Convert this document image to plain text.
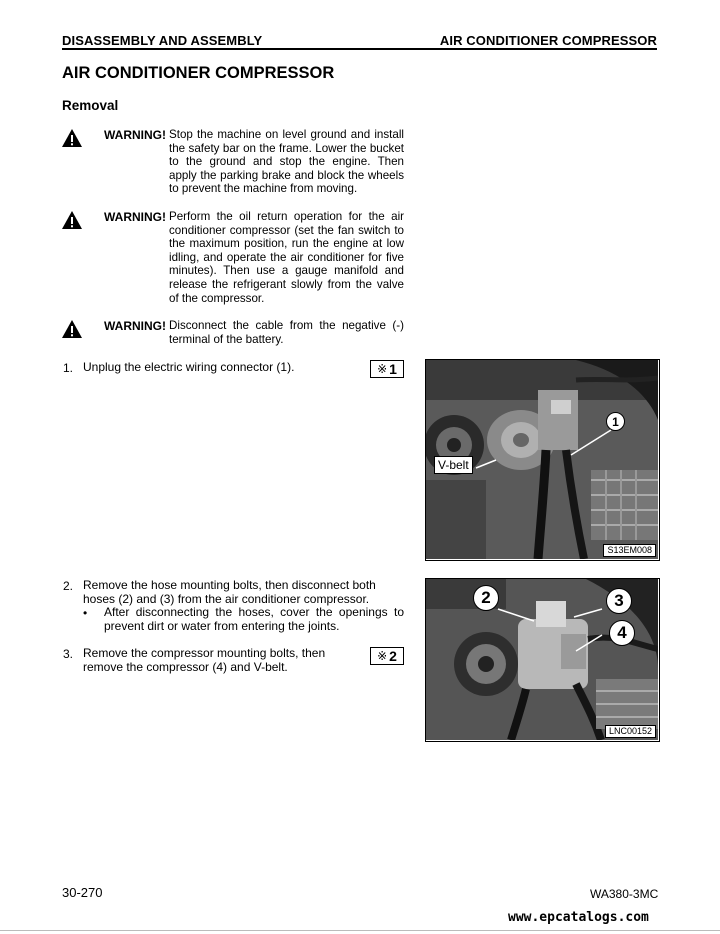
DISASSEMBLY AND ASSEMBLY	AIR CONDITIONER COMPRESSOR
AIR CONDITIONER COMPRESSOR
Removal
WARNING! Stop the machine on level ground and install the safety bar on the frame. Lower the bucket to the ground and stop the engine. Then apply the parking brake and block the wheels to prevent the machine from moving.
WARNING! Perform the oil return operation for the air conditioner compressor (set the fan switch to the maximum position, run the engine at low idling, and operate the air conditioner for five minutes). Then use a gauge manifold and release the refrigerant slowly from the valve of the compressor.
WARNING! Disconnect the cable from the negative (-) terminal of the battery.
1. Unplug the electric wiring connector (1).	※ 1
1
V-belt
S13EM008
2. Remove the hose mounting bolts, then disconnect both hoses (2) and (3) from the air conditioner compressor.
• After disconnecting the hoses, cover the openings to prevent dirt or water from entering the joints.
3. Remove the compressor mounting bolts, then remove the compressor (4) and V-belt.
※ 2
2	3
4
LNC00152
30-270	WA380-3MC
www.epcatalogs.com
